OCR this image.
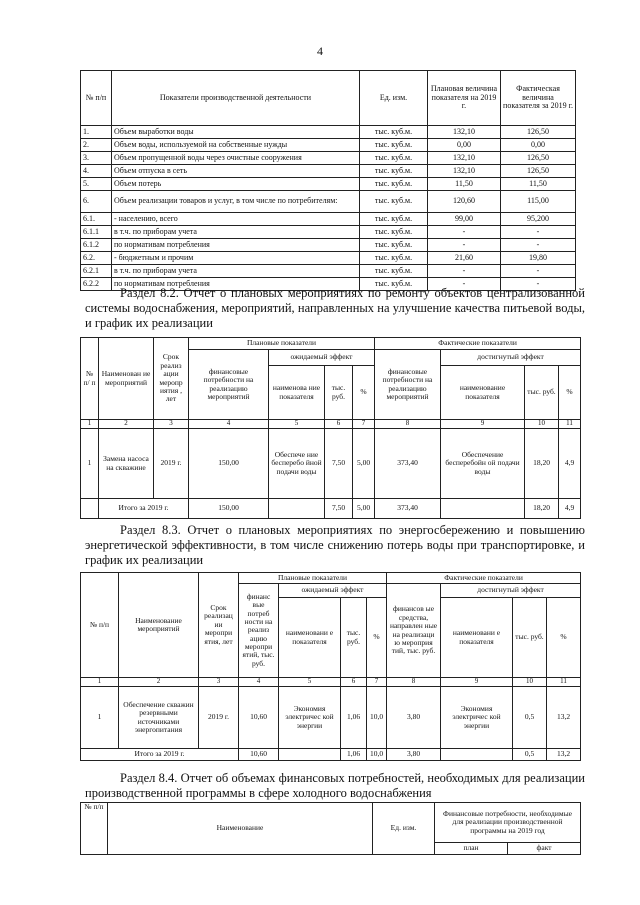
4
№ п/п	Показатели производственной деятельности	Ед. изм.	Плановая величина показателя на 2019 г.	Фактическая величина показателя за 2019 г.
1.	Объем выработки воды	тыс. куб.м.	132,10	126,50
2.	Объем воды, используемой на собственные нужды	тыс. куб.м.	0,00	0,00
3.	Объем пропущенной воды через очистные сооружения	тыс. куб.м.	132,10	126,50
4.	Объем отпуска в сеть	тыс. куб.м.	132,10	126,50
5.	Объем потерь	тыс. куб.м.	11,50	11,50
6.	Объем реализации товаров и услуг, в том числе по потребителям:	тыс. куб.м.	120,60	115,00
6.1.	- населению, всего	тыс. куб.м.	99,00	95,200
6.1.1	в т.ч. по приборам учета	тыс. куб.м.	-	-
6.1.2	по нормативам потребления	тыс. куб.м.	-	-
6.2.	- бюджетным и прочим	тыс. куб.м.	21,60	19,80
6.2.1	в т.ч. по приборам учета	тыс. куб.м.	-	-
6.2.2	по нормативам потребления	тыс. куб.м.	-	-
Раздел 8.2. Отчет о плановых мероприятиях по ремонту объектов централизованной системы водоснабжения, мероприятий, направленных на улучшение качества питьевой воды, и график их реализации
№ п/ п	Наименован ие мероприятий	Срок реализ ации меропр иятия , лет	Плановые показатели				Фактические показатели			
			финансовые потребности на реализацию мероприятий	ожидаемый эффект			финансовые потребности на реализацию мероприятий	достигнутый эффект		
				наименова ние показателя	тыс. руб.	%		наименование показателя	тыс. руб.	%
1	2	3	4	5	6	7	8	9	10	11
1	Замена насоса на скважине	2019 г.	150,00	Обеспече ние бесперебо йной подачи воды	7,50	5,00	373,40	Обеспечение бесперебойн ой подачи воды	18,20	4,9
	Итого за 2019 г.		150,00		7,50	5,00	373,40		18,20	4,9
Раздел 8.3. Отчет о плановых мероприятиях по энергосбережению и повышению энергетической эффективности, в том числе снижению потерь воды при транспортировке, и график их реализации
№ п/п	Наименование мероприятий	Срок реализац ии меропри ятия, лет	Плановые показатели				Фактические показатели			
			финанс вые потреб ности на реализ ацию меропри ятий, тыс. руб.	ожидаемый эффект			финансов ые средства, направлен ные на реализаци ю мероприя тий, тыс. руб.	достигнутый эффект		
				наименовани е показателя	тыс. руб.	%		наименовани е показателя	тыс. руб.	%
1	2	3	4	5	6	7	8	9	10	11
1	Обеспечение скважин резервными источниками энергопитания	2019 г.	10,60	Экономия электричес кой энергии	1,06	10,0	3,80	Экономия электричес кой энергии	0,5	13,2
Итого за 2019 г.			10,60		1,06	10,0	3,80		0,5	13,2
Раздел 8.4. Отчет об объемах финансовых потребностей, необходимых для реализации производственной программы в сфере холодного водоснабжения
№ п/п	Наименование	Ед. изм.	Финансовые потребности, необходимые для реализации производственной программы на 2019 год	
			план	факт
